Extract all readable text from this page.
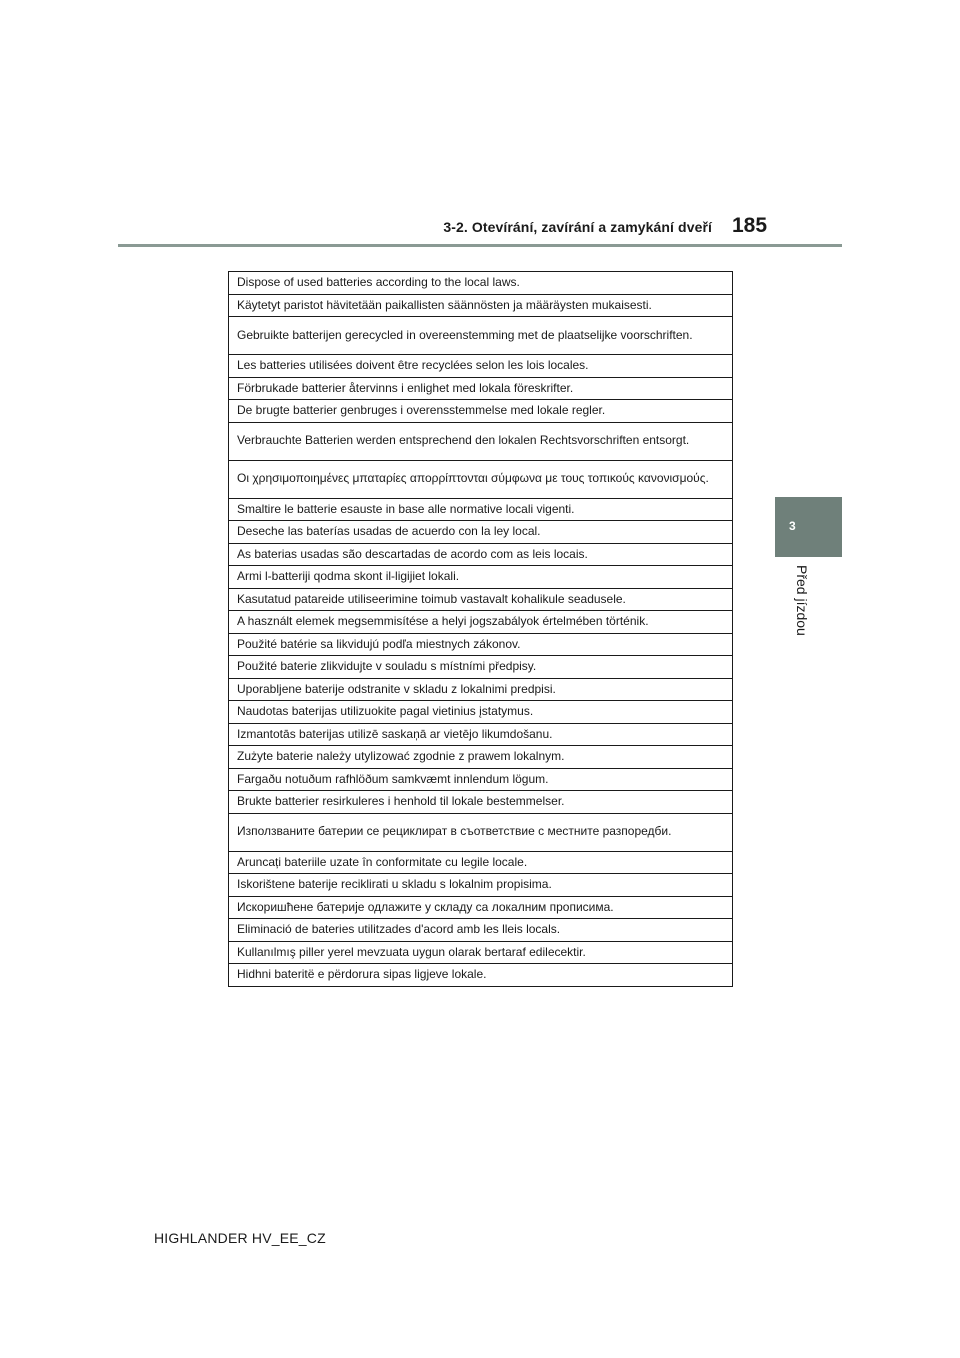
3-2. Otevírání, zavírání a zamykání dveří 185
3
Před jízdou
Dispose of used batteries according to the local laws.
Käytetyt paristot hävitetään paikallisten säännösten ja määräysten mukaisesti.
Gebruikte batterijen gerecycled in overeenstemming met de plaatselijke voorschriften.
Les batteries utilisées doivent être recyclées selon les lois locales.
Förbrukade batterier återvinns i enlighet med lokala föreskrifter.
De brugte batterier genbruges i overensstemmelse med lokale regler.
Verbrauchte Batterien werden entsprechend den lokalen Rechtsvorschriften entsorgt.
Οι χρησιμοποιημένες μπαταρίες απορρίπτονται σύμφωνα με τους τοπικούς κανονισμούς.
Smaltire le batterie esauste in base alle normative locali vigenti.
Deseche las baterías usadas de acuerdo con la ley local.
As baterias usadas são descartadas de acordo com as leis locais.
Armi l-batteriji qodma skont il-ligijiet lokali.
Kasutatud patareide utiliseerimine toimub vastavalt kohalikule seadusele.
A használt elemek megsemmisítése a helyi jogszabályok értelmében történik.
Použité batérie sa likvidujú podľa miestnych zákonov.
Použité baterie zlikvidujte v souladu s místními předpisy.
Uporabljene baterije odstranite v skladu z lokalnimi predpisi.
Naudotas baterijas utilizuokite pagal vietinius įstatymus.
Izmantotās baterijas utilizē saskaņā ar vietējo likumdošanu.
Zużyte baterie należy utylizować zgodnie z prawem lokalnym.
Fargaðu notuðum rafhlöðum samkvæmt innlendum lögum.
Brukte batterier resirkuleres i henhold til lokale bestemmelser.
Използваните батерии се рециклират в съответствие с местните разпоредби.
Aruncați bateriile uzate în conformitate cu legile locale.
Iskorištene baterije reciklirati u skladu s lokalnim propisima.
Искоришћене батерије одлажите у складу са локалним прописима.
Eliminació de bateries utilitzades d'acord amb les lleis locals.
Kullanılmış piller yerel mevzuata uygun olarak bertaraf edilecektir.
Hidhni bateritë e përdorura sipas ligjeve lokale.
HIGHLANDER HV_EE_CZ
